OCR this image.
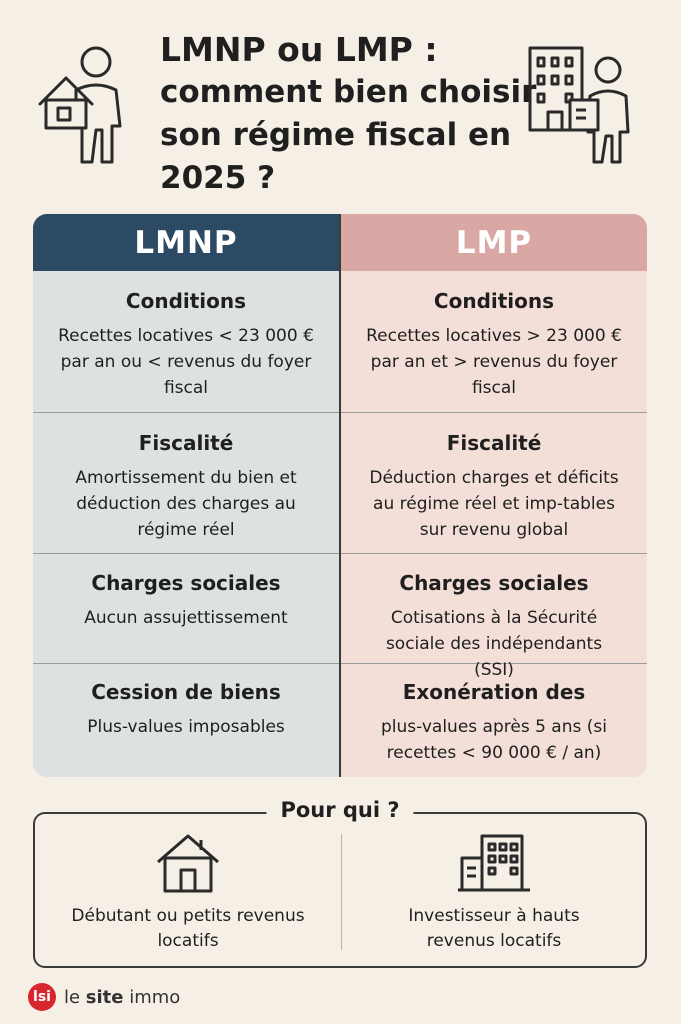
LMNP ou LMP :
comment bien choisir son régime fiscal en 2025 ?
LMNP
Conditions

Recettes locatives < 23 000 € par an ou < revenus du foyer fiscal

Fiscalité

Amortissement du bien et déduction des charges au régime réel

Charges sociales

Aucun assujettissement

Cession de biens

Plus-values imposables

LMP
Conditions

Recettes locatives > 23 000 € par an et > revenus du foyer fiscal

Fiscalité

Déduction charges et déficits au régime réel et imp-tables sur revenu global

Charges sociales

Cotisations à la Sécurité sociale des indépendants (SSI)

Exonération des

plus-values après 5 ans (si recettes < 90 000 € / an)

Pour qui ?

Débutant ou petits revenus locatifs

Investisseur à hauts revenus locatifs

lsi le site immo
